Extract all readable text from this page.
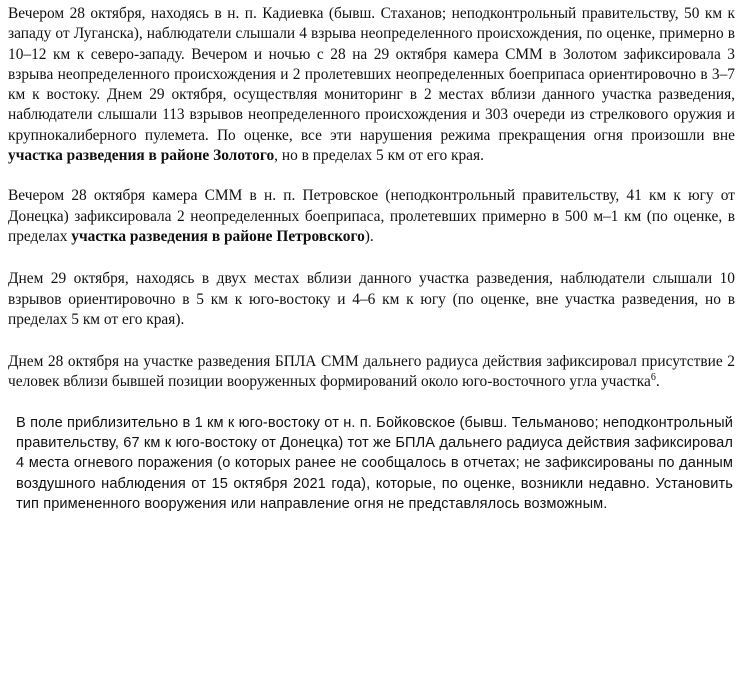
Вечером 28 октября, находясь в н. п. Кадиевка (бывш. Стаханов; неподконтрольный правительству, 50 км к западу от Луганска), наблюдатели слышали 4 взрыва неопределенного происхождения, по оценке, примерно в 10–12 км к северо-западу. Вечером и ночью с 28 на 29 октября камера СММ в Золотом зафиксировала 3 взрыва неопределенного происхождения и 2 пролетевших неопределенных боеприпаса ориентировочно в 3–7 км к востоку. Днем 29 октября, осуществляя мониторинг в 2 местах вблизи данного участка разведения, наблюдатели слышали 113 взрывов неопределенного происхождения и 303 очереди из стрелкового оружия и крупнокалиберного пулемета. По оценке, все эти нарушения режима прекращения огня произошли вне участка разведения в районе Золотого, но в пределах 5 км от его края.

Вечером 28 октября камера СММ в н. п. Петровское (неподконтрольный правительству, 41 км к югу от Донецка) зафиксировала 2 неопределенных боеприпаса, пролетевших примерно в 500 м–1 км (по оценке, в пределах участка разведения в районе Петровского).

Днем 29 октября, находясь в двух местах вблизи данного участка разведения, наблюдатели слышали 10 взрывов ориентировочно в 5 км к юго-востоку и 4–6 км к югу (по оценке, вне участка разведения, но в пределах 5 км от его края).

Днем 28 октября на участке разведения БПЛА СММ дальнего радиуса действия зафиксировал присутствие 2 человек вблизи бывшей позиции вооруженных формирований около юго-восточного угла участка$^6$.

В поле приблизительно в 1 км к юго-востоку от н. п. Бойковское (бывш. Тельманово; неподконтрольный правительству, 67 км к юго-востоку от Донецка) тот же БПЛА дальнего радиуса действия зафиксировал 4 места огневого поражения (о которых ранее не сообщалось в отчетах; не зафиксированы по данным воздушного наблюдения от 15 октября 2021 года), которые, по оценке, возникли недавно. Установить тип примененного вооружения или направление огня не представлялось возможным.
